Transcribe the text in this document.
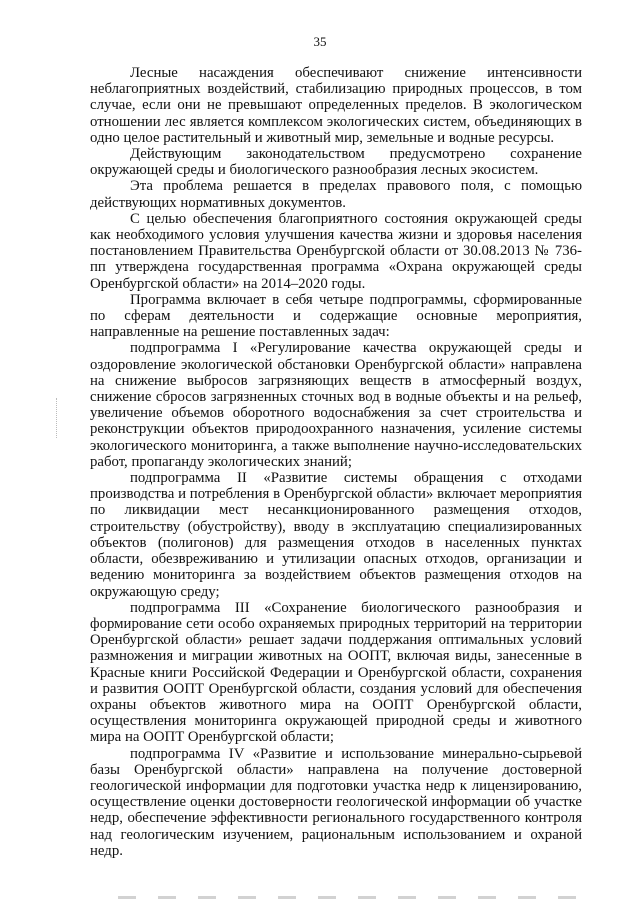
35

Лесные насаждения обеспечивают снижение интенсивности неблагоприятных воздействий, стабилизацию природных процессов, в том случае, если они не превышают определенных пределов. В экологическом отношении лес является комплексом экологических систем, объединяющих в одно целое растительный и животный мир, земельные и водные ресурсы.

Действующим законодательством предусмотрено сохранение окружающей среды и биологического разнообразия лесных экосистем.

Эта проблема решается в пределах правового поля, с помощью действующих нормативных документов.

С целью обеспечения благоприятного состояния окружающей среды как необходимого условия улучшения качества жизни и здоровья населения постановлением Правительства Оренбургской области от 30.08.2013 № 736-пп утверждена государственная программа «Охрана окружающей среды Оренбургской области» на 2014–2020 годы.

Программа включает в себя четыре подпрограммы, сформированные по сферам деятельности и содержащие основные мероприятия, направленные на решение поставленных задач:

подпрограмма I «Регулирование качества окружающей среды и оздоровление экологической обстановки Оренбургской области» направлена на снижение выбросов загрязняющих веществ в атмосферный воздух, снижение сбросов загрязненных сточных вод в водные объекты и на рельеф, увеличение объемов оборотного водоснабжения за счет строительства и реконструкции объектов природоохранного назначения, усиление системы экологического мониторинга, а также выполнение научно-исследовательских работ, пропаганду экологических знаний;

подпрограмма II «Развитие системы обращения с отходами производства и потребления в Оренбургской области» включает мероприятия по ликвидации мест несанкционированного размещения отходов, строительству (обустройству), вводу в эксплуатацию специализированных объектов (полигонов) для размещения отходов в населенных пунктах области, обезвреживанию и утилизации опасных отходов, организации и ведению мониторинга за воздействием объектов размещения отходов на окружающую среду;

подпрограмма III «Сохранение биологического разнообразия и формирование сети особо охраняемых природных территорий на территории Оренбургской области» решает задачи поддержания оптимальных условий размножения и миграции животных на ООПТ, включая виды, занесенные в Красные книги Российской Федерации и Оренбургской области, сохранения и развития ООПТ Оренбургской области, создания условий для обеспечения охраны объектов животного мира на ООПТ Оренбургской области, осуществления мониторинга окружающей природной среды и животного мира на ООПТ Оренбургской области;

подпрограмма IV «Развитие и использование минерально-сырьевой базы Оренбургской области» направлена на получение достоверной геологической информации для подготовки участка недр к лицензированию, осуществление оценки достоверности геологической информации об участке недр, обеспечение эффективности регионального государственного контроля над геологическим изучением, рациональным использованием и охраной недр.
